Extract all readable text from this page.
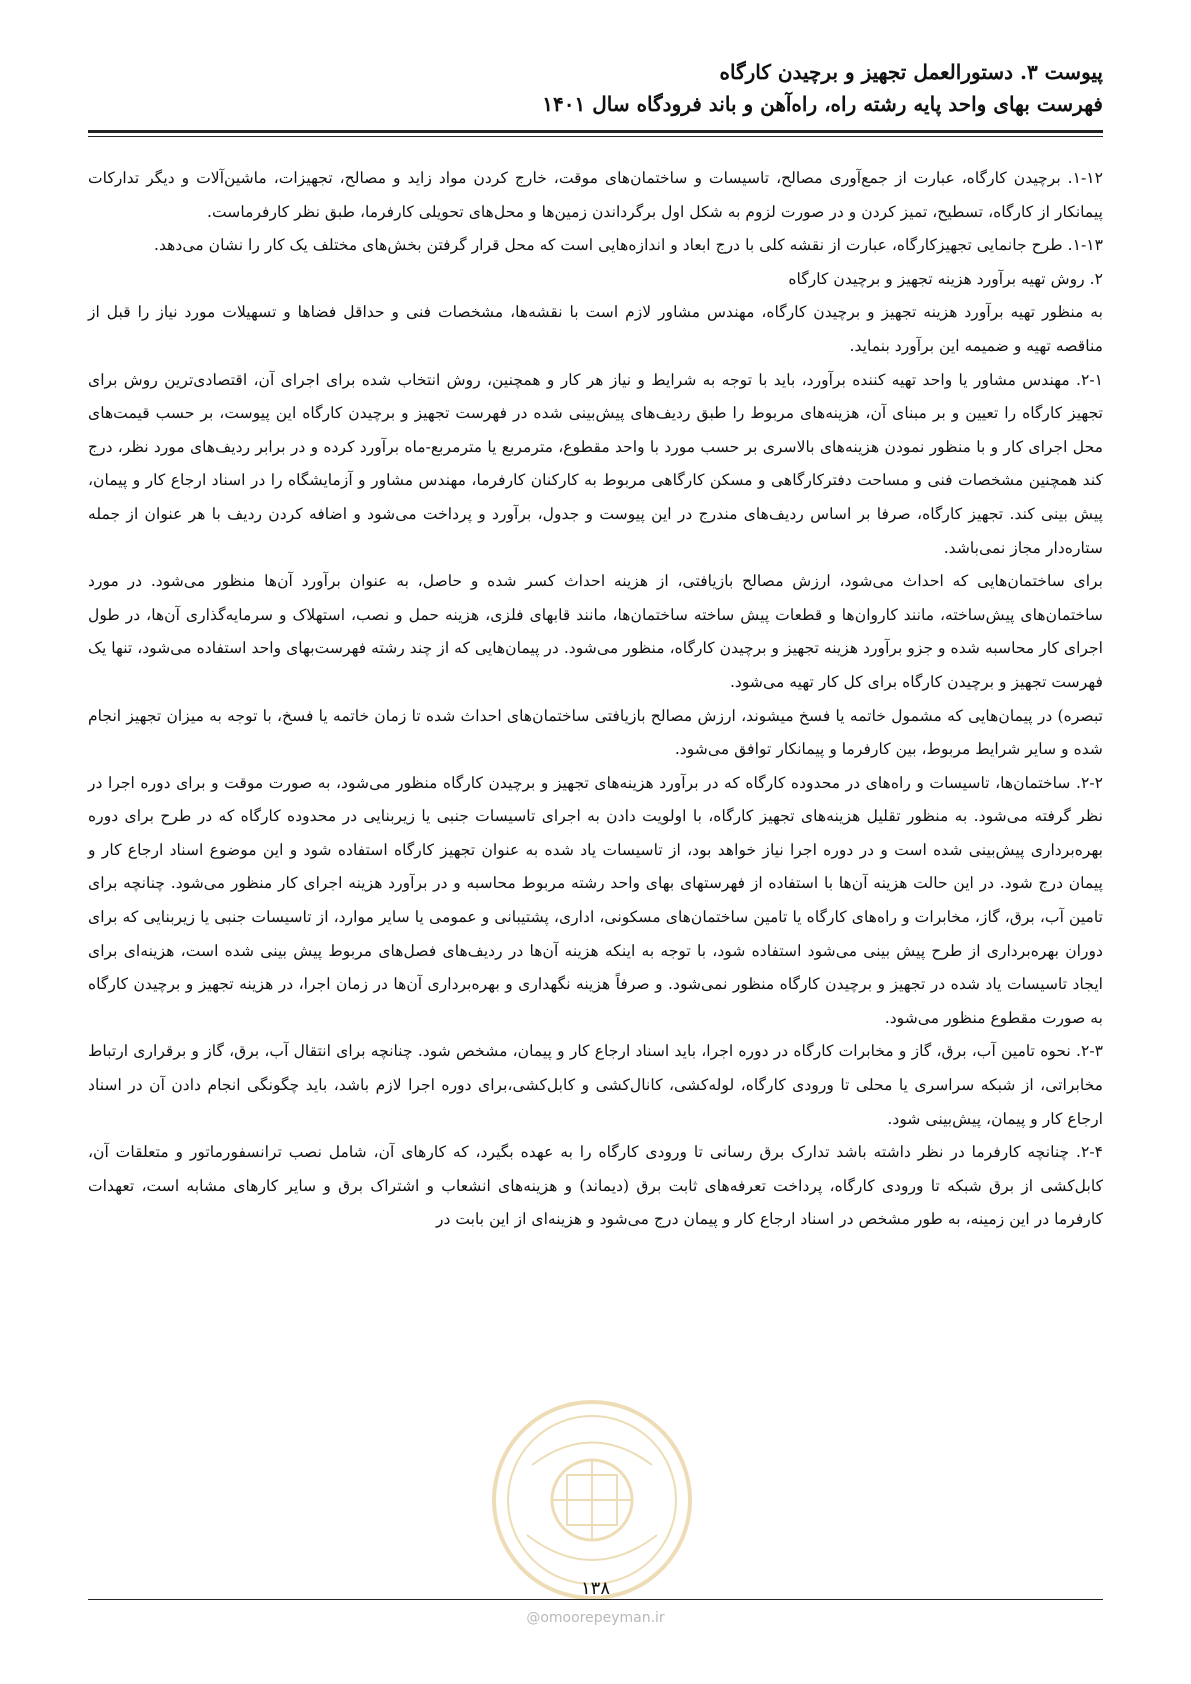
پیوست ۳. دستورالعمل تجهیز و برچیدن کارگاه
فهرست بهای واحد پایه رشته راه، راه‌آهن و باند فرودگاه سال ۱۴۰۱

۱-۱۲. برچیدن کارگاه، عبارت از جمع‌آوری مصالح، تاسیسات و ساختمان‌های موقت، خارج کردن مواد زاید و مصالح، تجهیزات، ماشین‌آلات و دیگر تدارکات پیمانکار از کارگاه، تسطیح، تمیز کردن و در صورت لزوم به شکل اول برگرداندن زمین‌ها و محل‌های تحویلی کارفرما، طبق نظر کارفرماست.

۱-۱۳. طرح جانمایی تجهیزکارگاه، عبارت از نقشه کلی با درج ابعاد و اندازه‌هایی است که محل قرار گرفتن بخش‌های مختلف یک کار را نشان می‌دهد.

۲. روش تهیه برآورد هزینه تجهیز و برچیدن کارگاه

به منظور تهیه برآورد هزینه تجهیز و برچیدن کارگاه، مهندس مشاور لازم است با نقشه‌ها، مشخصات فنی و حداقل فضاها و تسهیلات مورد نیاز را قبل از مناقصه تهیه و ضمیمه این برآورد بنماید.

۲-۱. مهندس مشاور یا واحد تهیه کننده برآورد، باید با توجه به شرایط و نیاز هر کار و همچنین، روش انتخاب شده برای اجرای آن، اقتصادی‌ترین روش برای تجهیز کارگاه را تعیین و بر مبنای آن، هزینه‌های مربوط را طبق ردیف‌های پیش‌بینی شده در فهرست تجهیز و برچیدن کارگاه این پیوست، بر حسب قیمت‌های محل اجرای کار و با منظور نمودن هزینه‌های بالاسری بر حسب مورد با واحد مقطوع، مترمربع یا مترمربع-ماه برآورد کرده و در برابر ردیف‌های مورد نظر، درج کند همچنین مشخصات فنی و مساحت دفترکارگاهی و مسکن کارگاهی مربوط به کارکنان کارفرما، مهندس مشاور و آزمایشگاه را در اسناد ارجاع کار و پیمان، پیش بینی کند. تجهیز کارگاه، صرفا بر اساس ردیف‌های مندرج در این پیوست و جدول، برآورد و پرداخت می‌شود و اضافه کردن ردیف با هر عنوان از جمله ستاره‌دار مجاز نمی‌باشد.

برای ساختمان‌هایی که احداث می‌شود، ارزش مصالح بازیافتی، از هزینه احداث کسر شده و حاصل، به عنوان برآورد آن‌ها منظور می‌شود. در مورد ساختمان‌های پیش‌ساخته، مانند کاروان‌ها و قطعات پیش ساخته ساختمان‌ها، مانند قابهای فلزی، هزینه حمل و نصب، استهلاک و سرمایه‌گذاری آن‌ها، در طول اجرای کار محاسبه شده و جزو برآورد هزینه تجهیز و برچیدن کارگاه، منظور می‌شود. در پیمان‌هایی که از چند رشته فهرست‌بهای واحد استفاده می‌شود، تنها یک فهرست تجهیز و برچیدن کارگاه برای کل کار تهیه می‌شود.

تبصره) در پیمان‌هایی که مشمول خاتمه یا فسخ میشوند، ارزش مصالح بازیافتی ساختمان‌های احداث شده تا زمان خاتمه یا فسخ، با توجه به میزان تجهیز انجام شده و سایر شرایط مربوط، بین کارفرما و پیمانکار توافق می‌شود.

۲-۲. ساختمان‌ها، تاسیسات و راه‌های در محدوده کارگاه که در برآورد هزینه‌های تجهیز و برچیدن کارگاه منظور می‌شود، به صورت موقت و برای دوره اجرا در نظر گرفته می‌شود. به منظور تقلیل هزینه‌های تجهیز کارگاه، با اولویت دادن به اجرای تاسیسات جنبی یا زیربنایی در محدوده کارگاه که در طرح برای دوره بهره‌برداری پیش‌بینی شده است و در دوره اجرا نیاز خواهد بود، از تاسیسات یاد شده به عنوان تجهیز کارگاه استفاده شود و این موضوع اسناد ارجاع کار و پیمان درج شود. در این حالت هزینه آن‌ها با استفاده از فهرستهای بهای واحد رشته مربوط محاسبه و در برآورد هزینه اجرای کار منظور می‌شود. چنانچه برای تامین آب، برق، گاز، مخابرات و راه‌های کارگاه یا تامین ساختمان‌های مسکونی، اداری، پشتیبانی و عمومی یا سایر موارد، از تاسیسات جنبی یا زیربنایی که برای دوران بهره‌برداری از طرح پیش بینی می‌شود استفاده شود، با توجه به اینکه هزینه آن‌ها در ردیف‌های فصل‌های مربوط پیش بینی شده است، هزینه‌ای برای ایجاد تاسیسات یاد شده در تجهیز و برچیدن کارگاه منظور نمی‌شود. و صرفاً هزینه نگهداری و بهره‌برداری آن‌ها در زمان اجرا، در هزینه تجهیز و برچیدن کارگاه به صورت مقطوع منظور می‌شود.

۲-۳. نحوه تامین آب، برق، گاز و مخابرات کارگاه در دوره اجرا، باید اسناد ارجاع کار و پیمان، مشخص شود. چنانچه برای انتقال آب، برق، گاز و برقراری ارتباط مخابراتی، از شبکه سراسری یا محلی تا ورودی کارگاه، لوله‌کشی، کانال‌کشی و کابل‌کشی،برای دوره اجرا لازم باشد، باید چگونگی انجام دادن آن در اسناد ارجاع کار و پیمان، پیش‌بینی شود.

۲-۴. چنانچه کارفرما در نظر داشته باشد تدارک برق رسانی تا ورودی کارگاه را به عهده بگیرد، که کارهای آن، شامل نصب ترانسفورماتور و متعلقات آن، کابل‌کشی از برق شبکه تا ورودی کارگاه، پرداخت تعرفه‌های ثابت برق (دیماند) و هزینه‌های انشعاب و اشتراک برق و سایر کارهای مشابه است، تعهدات کارفرما در این زمینه، به طور مشخص در اسناد ارجاع کار و پیمان درج می‌شود و هزینه‌ای از این بابت در

۱۳۸
@omoorepeyman.ir
